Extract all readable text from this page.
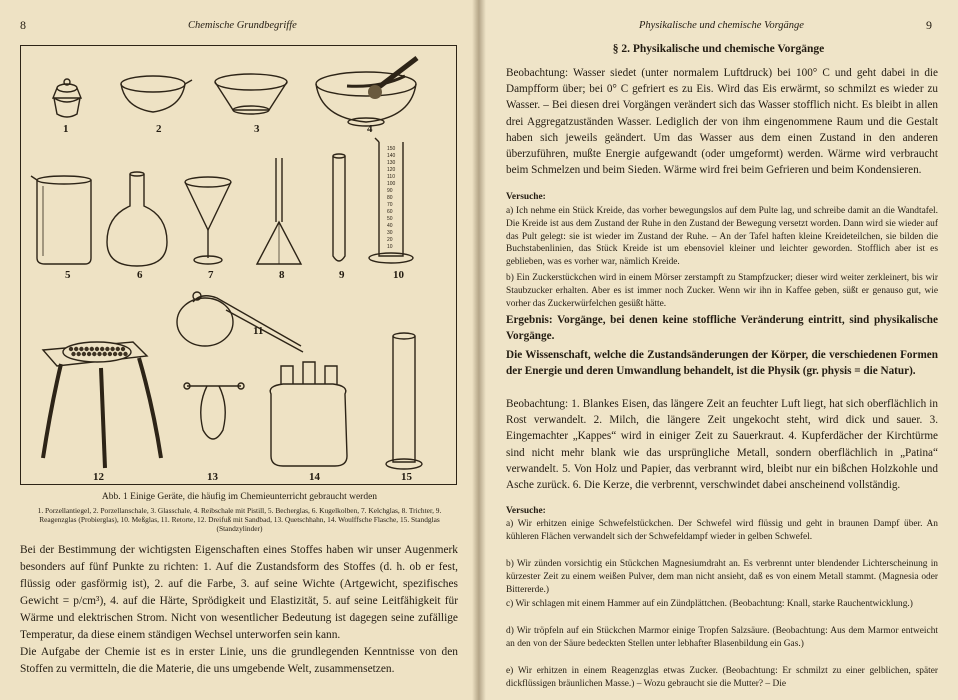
8	Chemische Grundbegriffe
150
140
130
120
110
100
90
80
70
60
50
40
30
20
10
1	2	3	4
5	6	7	8	9	10
11
12	13	14	15
Abb. 1 Einige Geräte, die häufig im Chemieunterricht gebraucht werden
1. Porzellantiegel, 2. Porzellanschale, 3. Glasschale, 4. Reibschale mit Pistill, 5. Becherglas, 6. Kugelkolben, 7. Kelchglas, 8. Trichter, 9. Reagenzglas (Probierglas), 10. Meßglas, 11. Retorte, 12. Dreifuß mit Sandbad, 13. Quetschhahn, 14. Woulffsche Flasche, 15. Standglas (Standzylinder)

Bei der Bestimmung der wichtigsten Eigenschaften eines Stoffes haben wir unser Augenmerk besonders auf fünf Punkte zu richten: 1. Auf die Zustandsform des Stoffes (d. h. ob er fest, flüssig oder gasförmig ist), 2. auf die Farbe, 3. auf seine Wichte (Artgewicht, spezifisches Gewicht = p/cm³), 4. auf die Härte, Sprödigkeit und Elastizität, 5. auf seine Leitfähigkeit für Wärme und elektrischen Strom. Nicht von wesentlicher Bedeutung ist dagegen seine zufällige Temperatur, da diese einem ständigen Wechsel unterworfen sein kann.

Die Aufgabe der Chemie ist es in erster Linie, uns die grundlegenden Kenntnisse von den Stoffen zu vermitteln, die die Materie, die uns umgebende Welt, zusammensetzen.

Physikalische und chemische Vorgänge	9
§ 2. Physikalische und chemische Vorgänge
Beobachtung: Wasser siedet (unter normalem Luftdruck) bei 100° C und geht dabei in die Dampfform über; bei 0° C gefriert es zu Eis. Wird das Eis erwärmt, so schmilzt es wieder zu Wasser. – Bei diesen drei Vorgängen verändert sich das Wasser stofflich nicht. Es bleibt in allen drei Aggregatzuständen Wasser. Lediglich der von ihm eingenommene Raum und die Gestalt haben sich jeweils geändert. Um das Wasser aus dem einen Zustand in den anderen überzuführen, mußte Energie aufgewandt (oder umgeformt) werden. Wärme wird verbraucht beim Schmelzen und beim Sieden. Wärme wird frei beim Gefrieren und beim Kondensieren.
Versuche:
a) Ich nehme ein Stück Kreide, das vorher bewegungslos auf dem Pulte lag, und schreibe damit an die Wandtafel. Die Kreide ist aus dem Zustand der Ruhe in den Zustand der Bewegung versetzt worden. Dann wird sie wieder auf das Pult gelegt: sie ist wieder im Zustand der Ruhe. – An der Tafel haften kleine Kreideteilchen, sie bilden die Buchstabenlinien, das Stück Kreide ist um ebensoviel kleiner und leichter geworden. Stofflich aber ist es geblieben, was es vorher war, nämlich Kreide.
b) Ein Zuckerstückchen wird in einem Mörser zerstampft zu Stampfzucker; dieser wird weiter zerkleinert, bis wir Staubzucker erhalten. Aber es ist immer noch Zucker. Wenn wir ihn in Kaffee geben, süßt er genauso gut, wie vorher das Zuckerwürfelchen gesüßt hätte.
Ergebnis: Vorgänge, bei denen keine stoffliche Veränderung eintritt, sind physikalische Vorgänge.
Die Wissenschaft, welche die Zustandsänderungen der Körper, die verschiedenen Formen der Energie und deren Umwandlung behandelt, ist die Physik (gr. physis = die Natur).
Beobachtung: 1. Blankes Eisen, das längere Zeit an feuchter Luft liegt, hat sich oberflächlich in Rost verwandelt. 2. Milch, die längere Zeit ungekocht steht, wird dick und sauer. 3. Eingemachter „Kappes“ wird in einiger Zeit zu Sauerkraut. 4. Kupferdächer der Kirchtürme sind nicht mehr blank wie das ursprüngliche Metall, sondern oberflächlich in „Patina“ verwandelt. 5. Von Holz und Papier, das verbrannt wird, bleibt nur ein bißchen Holzkohle und Asche zurück. 6. Die Kerze, die verbrennt, verschwindet dabei anscheinend vollständig.
Versuche:
a) Wir erhitzen einige Schwefelstückchen. Der Schwefel wird flüssig und geht in braunen Dampf über. An kühleren Flächen verwandelt sich der Schwefeldampf wieder in gelben Schwefel.
b) Wir zünden vorsichtig ein Stückchen Magnesiumdraht an. Es verbrennt unter blendender Lichterscheinung in kürzester Zeit zu einem weißen Pulver, dem man nicht ansieht, daß es von einem Metall stammt. (Magnesia oder Bittererde.)
c) Wir schlagen mit einem Hammer auf ein Zündplättchen. (Beobachtung: Knall, starke Rauchentwicklung.)
d) Wir tröpfeln auf ein Stückchen Marmor einige Tropfen Salzsäure. (Beobachtung: Aus dem Marmor entweicht an den von der Säure bedeckten Stellen unter lebhafter Blasenbildung ein Gas.)
e) Wir erhitzen in einem Reagenzglas etwas Zucker. (Beobachtung: Er schmilzt zu einer gelblichen, später dickflüssigen bräunlichen Masse.) – Wozu gebraucht sie die Mutter? – Die
